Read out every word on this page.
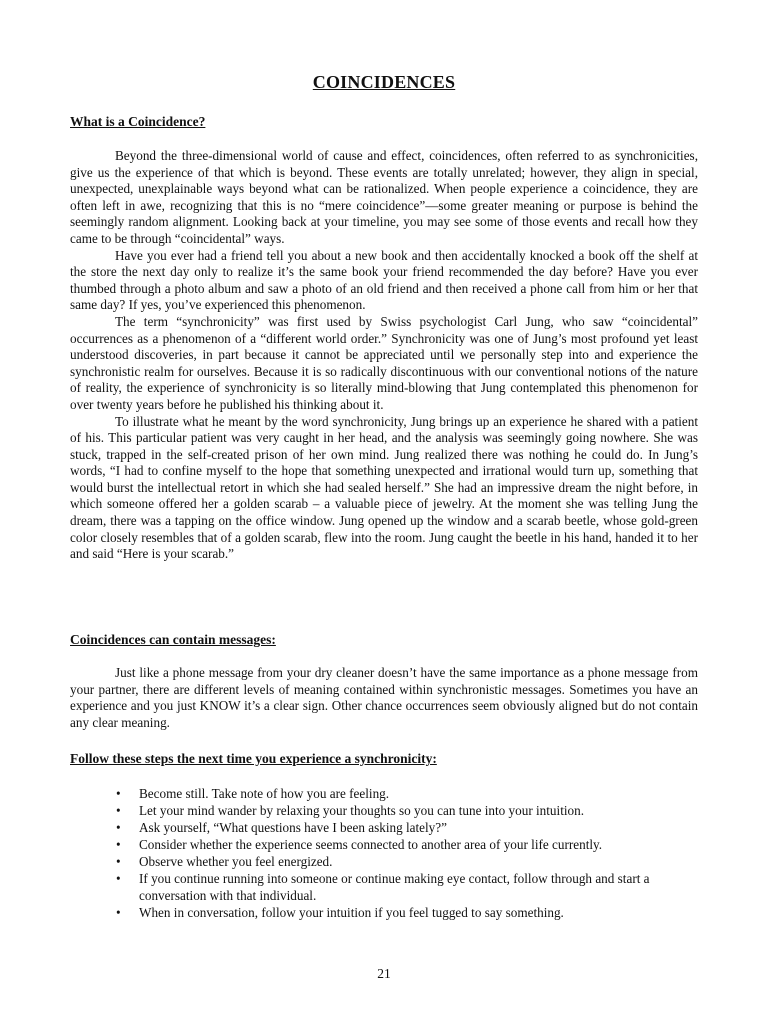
COINCIDENCES
What is a Coincidence?

Beyond the three-dimensional world of cause and effect, coincidences, often referred to as synchronicities, give us the experience of that which is beyond. These events are totally unrelated; however, they align in special, unexpected, unexplainable ways beyond what can be rationalized. When people experience a coincidence, they are often left in awe, recognizing that this is no “mere coincidence”—some greater meaning or purpose is behind the seemingly random alignment. Looking back at your timeline, you may see some of those events and recall how they came to be through “coincidental” ways.

Have you ever had a friend tell you about a new book and then accidentally knocked a book off the shelf at the store the next day only to realize it’s the same book your friend recommended the day before? Have you ever thumbed through a photo album and saw a photo of an old friend and then received a phone call from him or her that same day? If yes, you’ve experienced this phenomenon.

The term “synchronicity” was first used by Swiss psychologist Carl Jung, who saw “coincidental” occurrences as a phenomenon of a “different world order.” Synchronicity was one of Jung’s most profound yet least understood discoveries, in part because it cannot be appreciated until we personally step into and experience the synchronistic realm for ourselves. Because it is so radically discontinuous with our conventional notions of the nature of reality, the experience of synchronicity is so literally mind-blowing that Jung contemplated this phenomenon for over twenty years before he published his thinking about it.

To illustrate what he meant by the word synchronicity, Jung brings up an experience he shared with a patient of his. This particular patient was very caught in her head, and the analysis was seemingly going nowhere. She was stuck, trapped in the self-created prison of her own mind. Jung realized there was nothing he could do. In Jung’s words, “I had to confine myself to the hope that something unexpected and irrational would turn up, something that would burst the intellectual retort in which she had sealed herself.” She had an impressive dream the night before, in which someone offered her a golden scarab – a valuable piece of jewelry. At the moment she was telling Jung the dream, there was a tapping on the office window. Jung opened up the window and a scarab beetle, whose gold-green color closely resembles that of a golden scarab, flew into the room. Jung caught the beetle in his hand, handed it to her and said “Here is your scarab.”

Coincidences can contain messages:

Just like a phone message from your dry cleaner doesn’t have the same importance as a phone message from your partner, there are different levels of meaning contained within synchronistic messages. Sometimes you have an experience and you just KNOW it’s a clear sign. Other chance occurrences seem obviously aligned but do not contain any clear meaning.

Follow these steps the next time you experience a synchronicity:
• Become still. Take note of how you are feeling.
• Let your mind wander by relaxing your thoughts so you can tune into your intuition.
• Ask yourself, “What questions have I been asking lately?”
• Consider whether the experience seems connected to another area of your life currently.
• Observe whether you feel energized.
• If you continue running into someone or continue making eye contact, follow through and start a conversation with that individual.
• When in conversation, follow your intuition if you feel tugged to say something.
21
